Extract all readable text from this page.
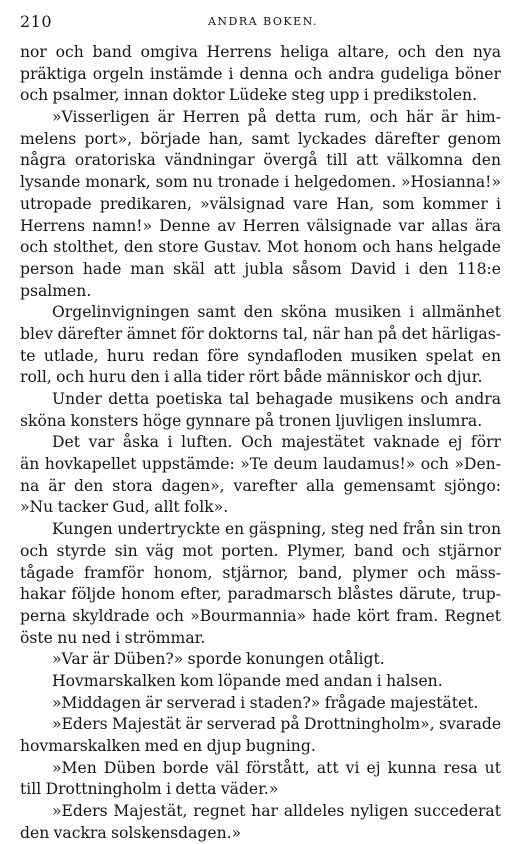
210	ANDRA BOKEN.
nor och band omgiva Herrens heliga altare, och den nya
präktiga orgeln instämde i denna och andra gudeliga böner
och psalmer, innan doktor Lüdeke steg upp i predikstolen.
»Visserligen är Herren på detta rum, och här är him-
melens port», började han, samt lyckades därefter genom
några oratoriska vändningar övergå till att välkomna den
lysande monark, som nu tronade i helgedomen. »Hosianna!»
utropade predikaren, »välsignad vare Han, som kommer i
Herrens namn!» Denne av Herren välsignade var allas ära
och stolthet, den store Gustav. Mot honom och hans helgade
person hade man skäl att jubla såsom David i den 118:e
psalmen.
Orgelinvigningen samt den sköna musiken i allmänhet
blev därefter ämnet för doktorns tal, när han på det härligas-
te utlade, huru redan före syndafloden musiken spelat en
roll, och huru den i alla tider rört både människor och djur.
Under detta poetiska tal behagade musikens och andra
sköna konsters höge gynnare på tronen ljuvligen inslumra.
Det var åska i luften. Och majestätet vaknade ej förr
än hovkapellet uppstämde: »Te deum laudamus!» och »Den-
na är den stora dagen», varefter alla gemensamt sjöngo:
»Nu tacker Gud, allt folk».
Kungen undertryckte en gäspning, steg ned från sin tron
och styrde sin väg mot porten. Plymer, band och stjärnor
tågade framför honom, stjärnor, band, plymer och mäss-
hakar följde honom efter, paradmarsch blåstes därute, trup-
perna skyldrade och »Bourmannia» hade kört fram. Regnet
öste nu ned i strömmar.
»Var är Düben?» sporde konungen otåligt.
Hovmarskalken kom löpande med andan i halsen.
»Middagen är serverad i staden?» frågade majestätet.
»Eders Majestät är serverad på Drottningholm», svarade
hovmarskalken med en djup bugning.
»Men Düben borde väl förstått, att vi ej kunna resa ut
till Drottningholm i detta väder.»
»Eders Majestät, regnet har alldeles nyligen succederat
den vackra solskensdagen.»
